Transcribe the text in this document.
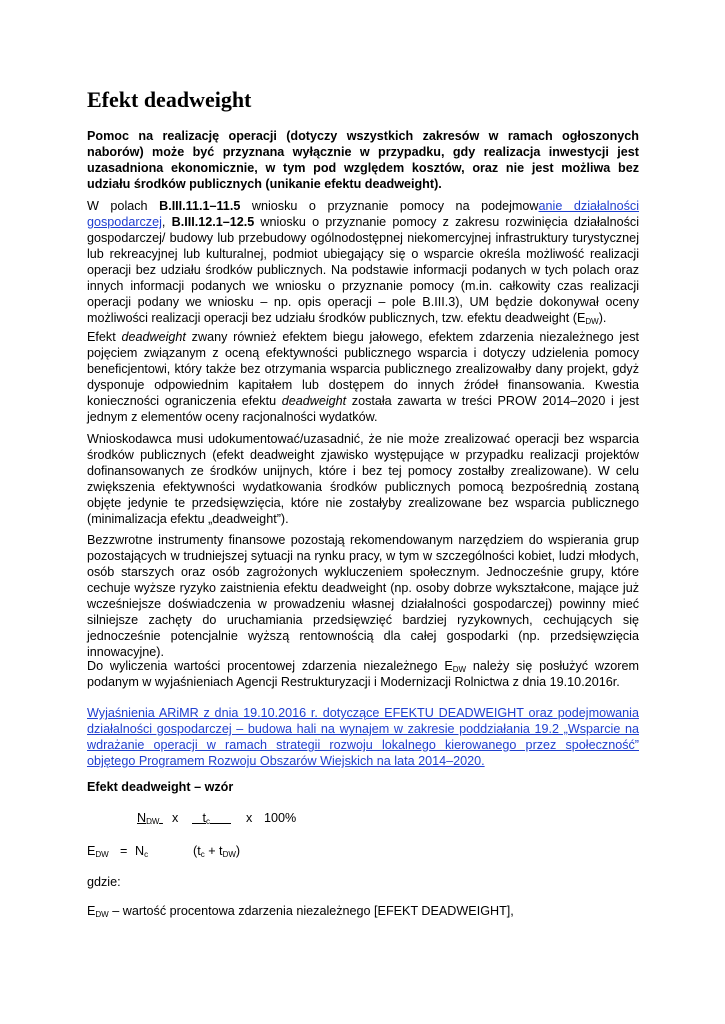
Efekt deadweight

Pomoc na realizację operacji (dotyczy wszystkich zakresów w ramach ogłoszonych naborów) może być przyznana wyłącznie w przypadku, gdy realizacja inwestycji jest uzasadniona ekonomicznie, w tym pod względem kosztów, oraz nie jest możliwa bez udziału środków publicznych (unikanie efektu deadweight).

W polach B.III.11.1–11.5 wniosku o przyznanie pomocy na podejmowanie działalności gospodarczej, B.III.12.1–12.5 wniosku o przyznanie pomocy z zakresu rozwinięcia działalności gospodarczej/ budowy lub przebudowy ogólnodostępnej niekomercyjnej infrastruktury turystycznej lub rekreacyjnej lub kulturalnej, podmiot ubiegający się o wsparcie określa możliwość realizacji operacji bez udziału środków publicznych. Na podstawie informacji podanych w tych polach oraz innych informacji podanych we wniosku o przyznanie pomocy (m.in. całkowity czas realizacji operacji podany we wniosku – np. opis operacji – pole B.III.3), UM będzie dokonywał oceny możliwości realizacji operacji bez udziału środków publicznych, tzw. efektu deadweight $(E_{DW})$.

Efekt deadweight zwany również efektem biegu jałowego, efektem zdarzenia niezależnego jest pojęciem związanym z oceną efektywności publicznego wsparcia i dotyczy udzielenia pomocy beneficjentowi, który także bez otrzymania wsparcia publicznego zrealizowałby dany projekt, gdyż dysponuje odpowiednim kapitałem lub dostępem do innych źródeł finansowania. Kwestia konieczności ograniczenia efektu deadweight została zawarta w treści PROW 2014–2020 i jest jednym z elementów oceny racjonalności wydatków.

Wnioskodawca musi udokumentować/uzasadnić, że nie może zrealizować operacji bez wsparcia środków publicznych (efekt deadweight zjawisko występujące w przypadku realizacji projektów dofinansowanych ze środków unijnych, które i bez tej pomocy zostałby zrealizowane). W celu zwiększenia efektywności wydatkowania środków publicznych pomocą bezpośrednią zostaną objęte jedynie te przedsięwzięcia, które nie zostałyby zrealizowane bez wsparcia publicznego (minimalizacja efektu „deadweight”).

Bezzwrotne instrumenty finansowe pozostają rekomendowanym narzędziem do wspierania grup pozostających w trudniejszej sytuacji na rynku pracy, w tym w szczególności kobiet, ludzi młodych, osób starszych oraz osób zagrożonych wykluczeniem społecznym. Jednocześnie grupy, które cechuje wyższe ryzyko zaistnienia efektu deadweight (np. osoby dobrze wykształcone, mające już wcześniejsze doświadczenia w prowadzeniu własnej działalności gospodarczej) powinny mieć silniejsze zachęty do uruchamiania przedsięwzięć bardziej ryzykownych, cechujących się jednocześnie potencjalnie wyższą rentownością dla całej gospodarki (np. przedsięwzięcia innowacyjne).

Do wyliczenia wartości procentowej zdarzenia niezależnego $E_{DW}$ należy się posłużyć wzorem podanym w wyjaśnieniach Agencji Restrukturyzacji i Modernizacji Rolnictwa z dnia 19.10.2016r.

Wyjaśnienia ARiMR z dnia 19.10.2016 r. dotyczące EFEKTU DEADWEIGHT oraz podejmowania działalności gospodarczej – budowa hali na wynajem w zakresie poddziałania 19.2 „Wsparcie na wdrażanie operacji w ramach strategii rozwoju lokalnego kierowanego przez społeczność” objętego Programem Rozwoju Obszarów Wiejskich na lata 2014–2020.

Efekt deadweight – wzór

$N_{DW}$ x	$t_c$	x 100%
$E_{DW} = N_c$	$(t_c + t_{DW})$

gdzie:

$E_{DW}$ – wartość procentowa zdarzenia niezależnego [EFEKT DEADWEIGHT],
